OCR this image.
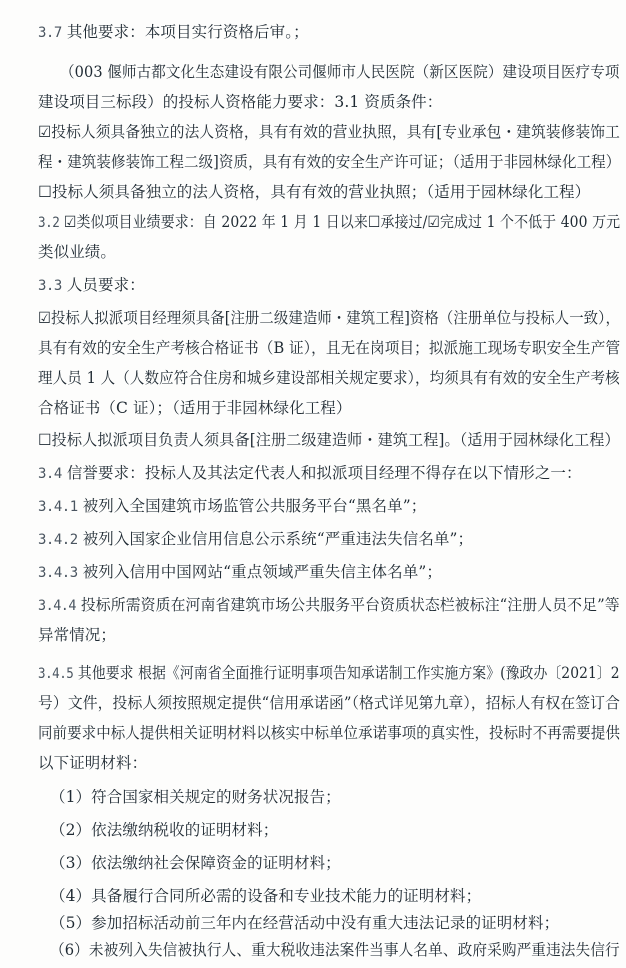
3.7 其他要求：本项目实行资格后审。；
（003 偃师古都文化生态建设有限公司偃师市人民医院（新区医院）建设项目医疗专项
建设项目三标段）的投标人资格能力要求：3.1 资质条件：
☑投标人须具备独立的法人资格，具有有效的营业执照，具有[专业承包・建筑装修装饰工
程・建筑装修装饰工程二级]资质，具有有效的安全生产许可证；（适用于非园林绿化工程）
☐投标人须具备独立的法人资格，具有有效的营业执照；（适用于园林绿化工程）
3.2 ☑类似项目业绩要求：自 2022 年 1 月 1 日以来☐承接过/☑完成过 1 个不低于 400 万元
类似业绩。
3.3 人员要求：
☑投标人拟派项目经理须具备[注册二级建造师・建筑工程]资格（注册单位与投标人一致），
具有有效的安全生产考核合格证书（B 证），且无在岗项目；拟派施工现场专职安全生产管
理人员 1 人（人数应符合住房和城乡建设部相关规定要求），均须具有有效的安全生产考核
合格证书（C 证）；（适用于非园林绿化工程）
☐投标人拟派项目负责人须具备[注册二级建造师・建筑工程]。（适用于园林绿化工程）
3.4 信誉要求：投标人及其法定代表人和拟派项目经理不得存在以下情形之一：
3.4.1 被列入全国建筑市场监管公共服务平台“黑名单”；
3.4.2 被列入国家企业信用信息公示系统“严重违法失信名单”；
3.4.3 被列入信用中国网站“重点领域严重失信主体名单”；
3.4.4 投标所需资质在河南省建筑市场公共服务平台资质状态栏被标注“注册人员不足”等
异常情况；
3.4.5 其他要求 根据《河南省全面推行证明事项告知承诺制工作实施方案》(豫政办〔2021〕2
号）文件，投标人须按照规定提供“信用承诺函”（格式详见第九章），招标人有权在签订合
同前要求中标人提供相关证明材料以核实中标单位承诺事项的真实性，投标时不再需要提供
以下证明材料：
（1）符合国家相关规定的财务状况报告；
（2）依法缴纳税收的证明材料；
（3）依法缴纳社会保障资金的证明材料；
（4）具备履行合同所必需的设备和专业技术能力的证明材料；
（5）参加招标活动前三年内在经营活动中没有重大违法记录的证明材料；
（6）未被列入失信被执行人、重大税收违法案件当事人名单、政府采购严重违法失信行
